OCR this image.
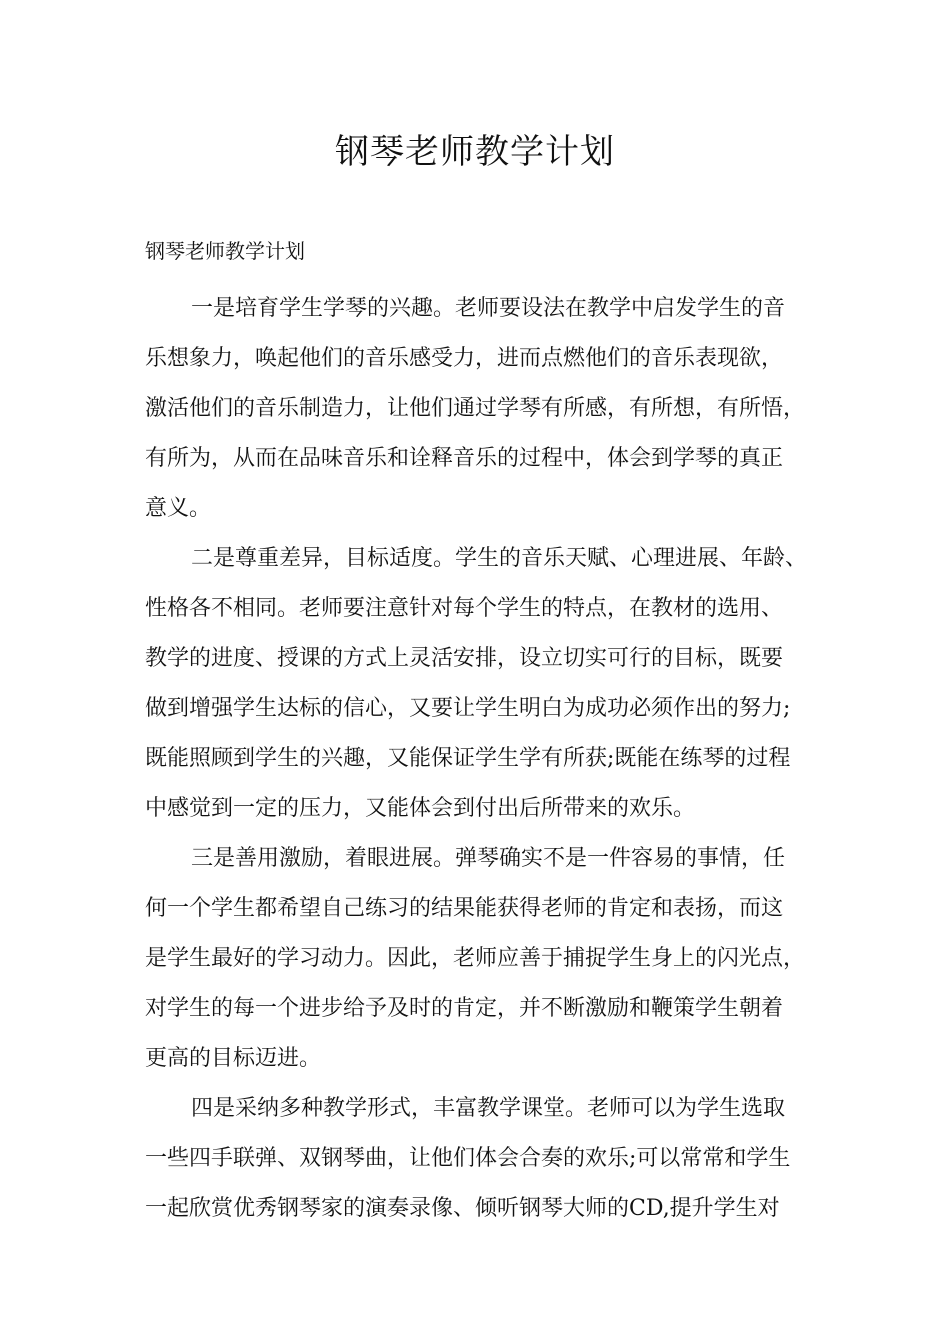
钢琴老师教学计划

钢琴老师教学计划

一是培育学生学琴的兴趣。老师要设法在教学中启发学生的音
乐想象力，唤起他们的音乐感受力，进而点燃他们的音乐表现欲，
激活他们的音乐制造力，让他们通过学琴有所感，有所想，有所悟，
有所为，从而在品味音乐和诠释音乐的过程中，体会到学琴的真正
意义。

二是尊重差异，目标适度。学生的音乐天赋、心理进展、年龄、
性格各不相同。老师要注意针对每个学生的特点，在教材的选用、
教学的进度、授课的方式上灵活安排，设立切实可行的目标，既要
做到增强学生达标的信心，又要让学生明白为成功必须作出的努力;
既能照顾到学生的兴趣，又能保证学生学有所获;既能在练琴的过程
中感觉到一定的压力，又能体会到付出后所带来的欢乐。

三是善用激励，着眼进展。弹琴确实不是一件容易的事情，任
何一个学生都希望自己练习的结果能获得老师的肯定和表扬，而这
是学生最好的学习动力。因此，老师应善于捕捉学生身上的闪光点，
对学生的每一个进步给予及时的肯定，并不断激励和鞭策学生朝着
更高的目标迈进。

四是采纳多种教学形式，丰富教学课堂。老师可以为学生选取
一些四手联弹、双钢琴曲，让他们体会合奏的欢乐;可以常常和学生
一起欣赏优秀钢琴家的演奏录像、倾听钢琴大师的CD,提升学生对
